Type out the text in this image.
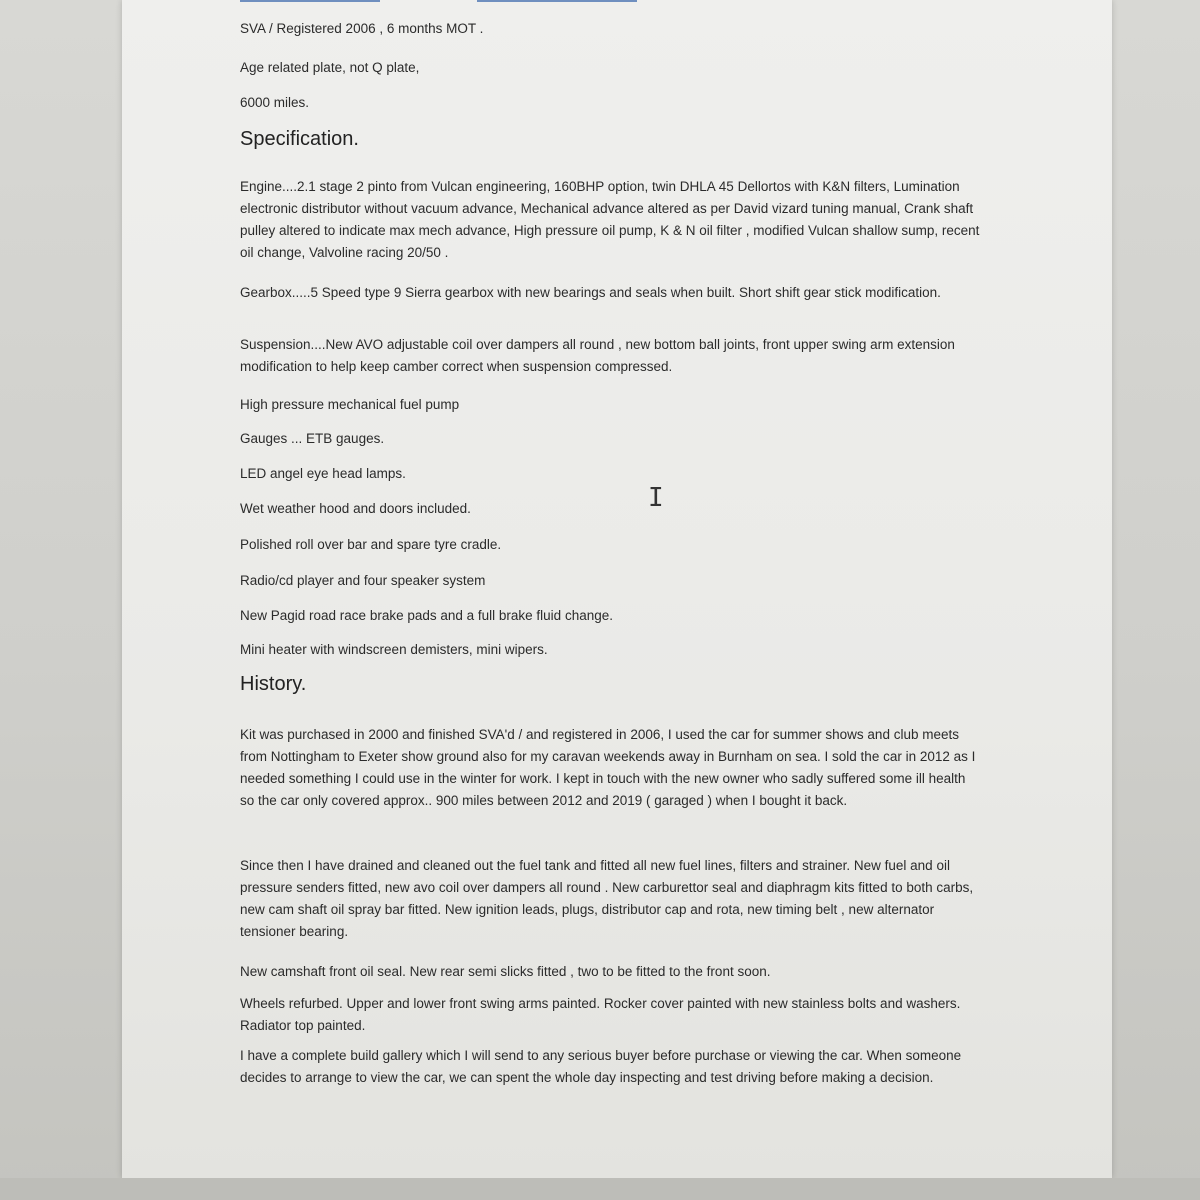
SVA / Registered 2006 , 6 months MOT .

Age related plate, not Q plate,

6000 miles.

Specification.

Engine....2.1 stage 2 pinto from Vulcan engineering, 160BHP option, twin DHLA 45 Dellortos with K&N filters, Lumination electronic distributor without vacuum advance, Mechanical advance altered as per David vizard tuning manual, Crank shaft pulley altered to indicate max mech advance, High pressure oil pump, K & N oil filter , modified Vulcan shallow sump, recent oil change, Valvoline racing 20/50 .

Gearbox.....5 Speed type 9 Sierra gearbox with new bearings and seals when built. Short shift gear stick modification.

Suspension....New AVO adjustable coil over dampers all round , new bottom ball joints, front upper swing arm extension modification to help keep camber correct when suspension compressed.

High pressure mechanical fuel pump

Gauges ... ETB gauges.

LED angel eye head lamps.

Wet weather hood and doors included.

Polished roll over bar and spare tyre cradle.

Radio/cd player and four speaker system

New Pagid road race brake pads and a full brake fluid change.

Mini heater with windscreen demisters, mini wipers.

History.

Kit was purchased in 2000 and finished SVA'd / and registered in 2006, I used the car for summer shows and club meets from Nottingham to Exeter show ground also for my caravan weekends away in Burnham on sea. I sold the car in 2012 as I needed something I could use in the winter for work. I kept in touch with the new owner who sadly suffered some ill health so the car only covered approx.. 900 miles between 2012 and 2019 ( garaged ) when I bought it back.

Since then I have drained and cleaned out the fuel tank and fitted all new fuel lines, filters and strainer. New fuel and oil pressure senders fitted, new avo coil over dampers all round . New carburettor seal and diaphragm kits fitted to both carbs, new cam shaft oil spray bar fitted. New ignition leads, plugs, distributor cap and rota, new timing belt , new alternator tensioner bearing.

New camshaft front oil seal. New rear semi slicks fitted , two to be fitted to the front soon.

Wheels refurbed. Upper and lower front swing arms painted. Rocker cover painted with new stainless bolts and washers. Radiator top painted.

I have a complete build gallery which I will send to any serious buyer before purchase or viewing the car. When someone decides to arrange to view the car, we can spent the whole day inspecting and test driving before making a decision.

I
